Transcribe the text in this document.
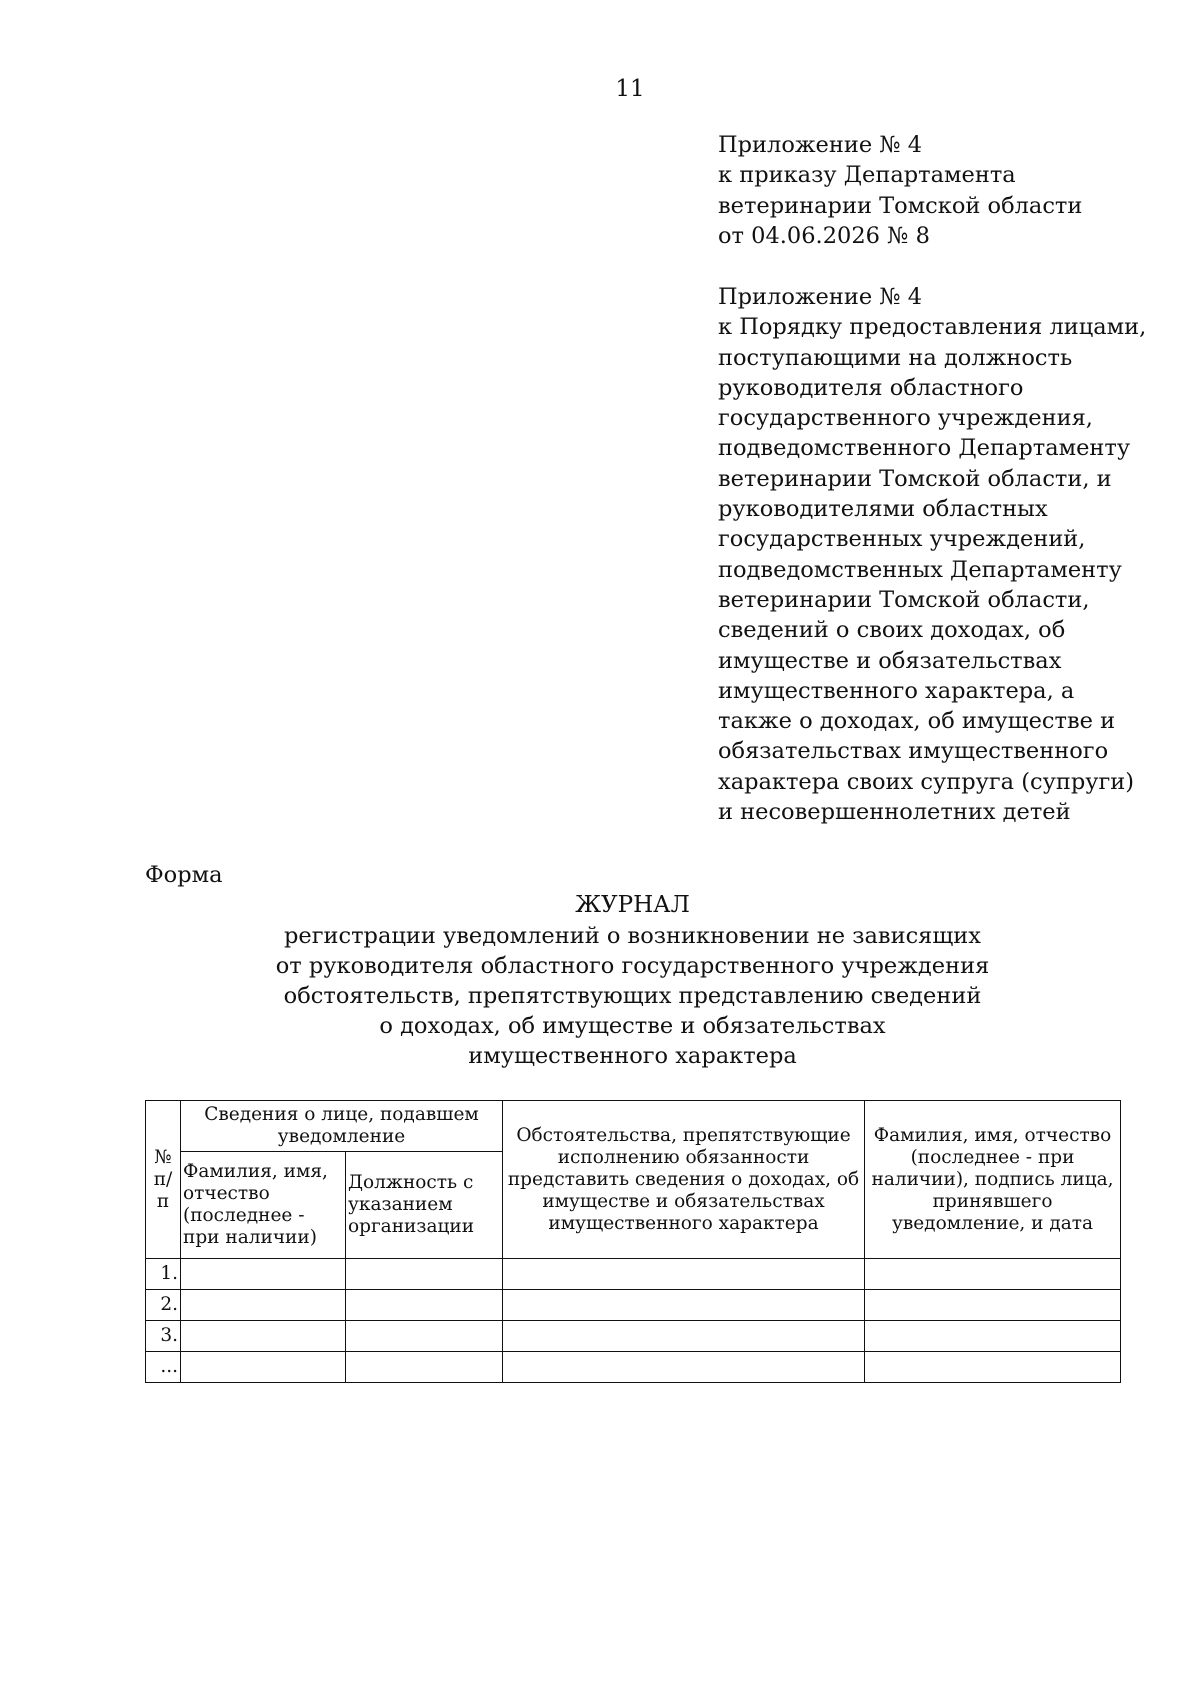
11
Приложение № 4
к приказу Департамента
ветеринарии Томской области
от 04.06.2026 № 8
Приложение № 4
к Порядку предоставления лицами,
поступающими на должность
руководителя областного
государственного учреждения,
подведомственного Департаменту
ветеринарии Томской области, и
руководителями областных
государственных учреждений,
подведомственных Департаменту
ветеринарии Томской области,
сведений о своих доходах, об
имуществе и обязательствах
имущественного характера, а
также о доходах, об имуществе и
обязательствах имущественного
характера своих супруга (супруги)
и несовершеннолетних детей
Форма
ЖУРНАЛ
регистрации уведомлений о возникновении не зависящих
от руководителя областного государственного учреждения
обстоятельств, препятствующих представлению сведений
о доходах, об имуществе и обязательствах
имущественного характера
№ п/п	Сведения о лице, подавшем уведомление		Обстоятельства, препятствующие исполнению обязанности представить сведения о доходах, об имуществе и обязательствах имущественного характера	Фамилия, имя, отчество (последнее - при наличии), подпись лица, принявшего уведомление, и дата
	Фамилия, имя, отчество (последнее - при наличии)	Должность с указанием организации		
1.				
2.				
3.				
...				
